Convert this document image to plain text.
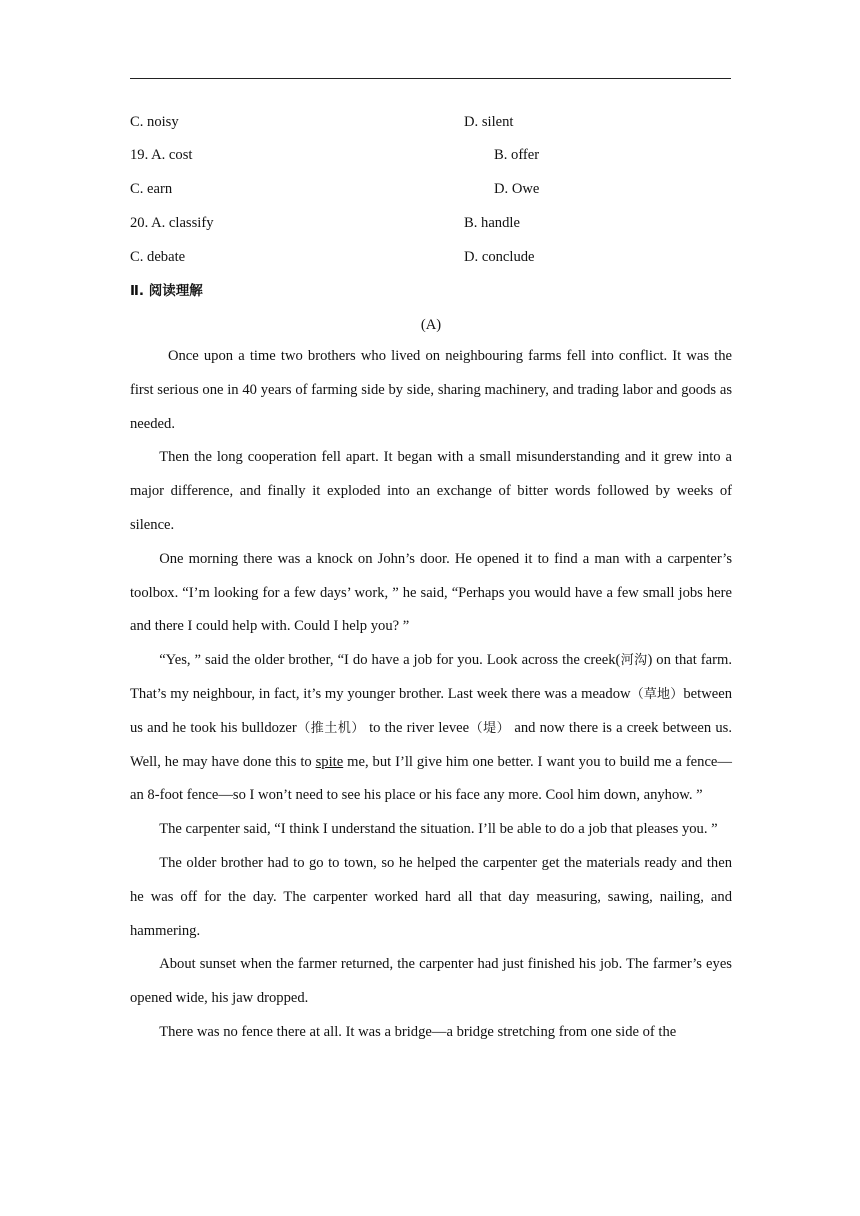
C. noisy	D. silent
19. A. cost	B. offer
C. earn	D. Owe
20. A. classify	B. handle
C. debate	D. conclude
Ⅱ. 阅读理解
(A)

Once upon a time two brothers who lived on neighbouring farms fell into conflict. It was the first serious one in 40 years of farming side by side, sharing machinery, and trading labor and goods as needed.

Then the long cooperation fell apart. It began with a small misunderstanding and it grew into a major difference, and finally it exploded into an exchange of bitter words followed by weeks of silence.

One morning there was a knock on John’s door. He opened it to find a man with a carpenter’s toolbox. “I’m looking for a few days’ work, ” he said, “Perhaps you would have a few small jobs here and there I could help with. Could I help you? ”

“Yes, ” said the older brother, “I do have a job for you. Look across the creek(河沟) on that farm. That’s my neighbour, in fact, it’s my younger brother. Last week there was a meadow（草地）between us and he took his bulldozer（推土机） to the river levee（堤） and now there is a creek between us. Well, he may have done this to spite me, but I’ll give him one better. I want you to build me a fence—an 8-foot fence—so I won’t need to see his place or his face any more. Cool him down, anyhow. ”

The carpenter said, “I think I understand the situation. I’ll be able to do a job that pleases you. ”

The older brother had to go to town, so he helped the carpenter get the materials ready and then he was off for the day. The carpenter worked hard all that day measuring, sawing, nailing, and hammering.

About sunset when the farmer returned, the carpenter had just finished his job. The farmer’s eyes opened wide, his jaw dropped.

There was no fence there at all. It was a bridge—a bridge stretching from one side of the
